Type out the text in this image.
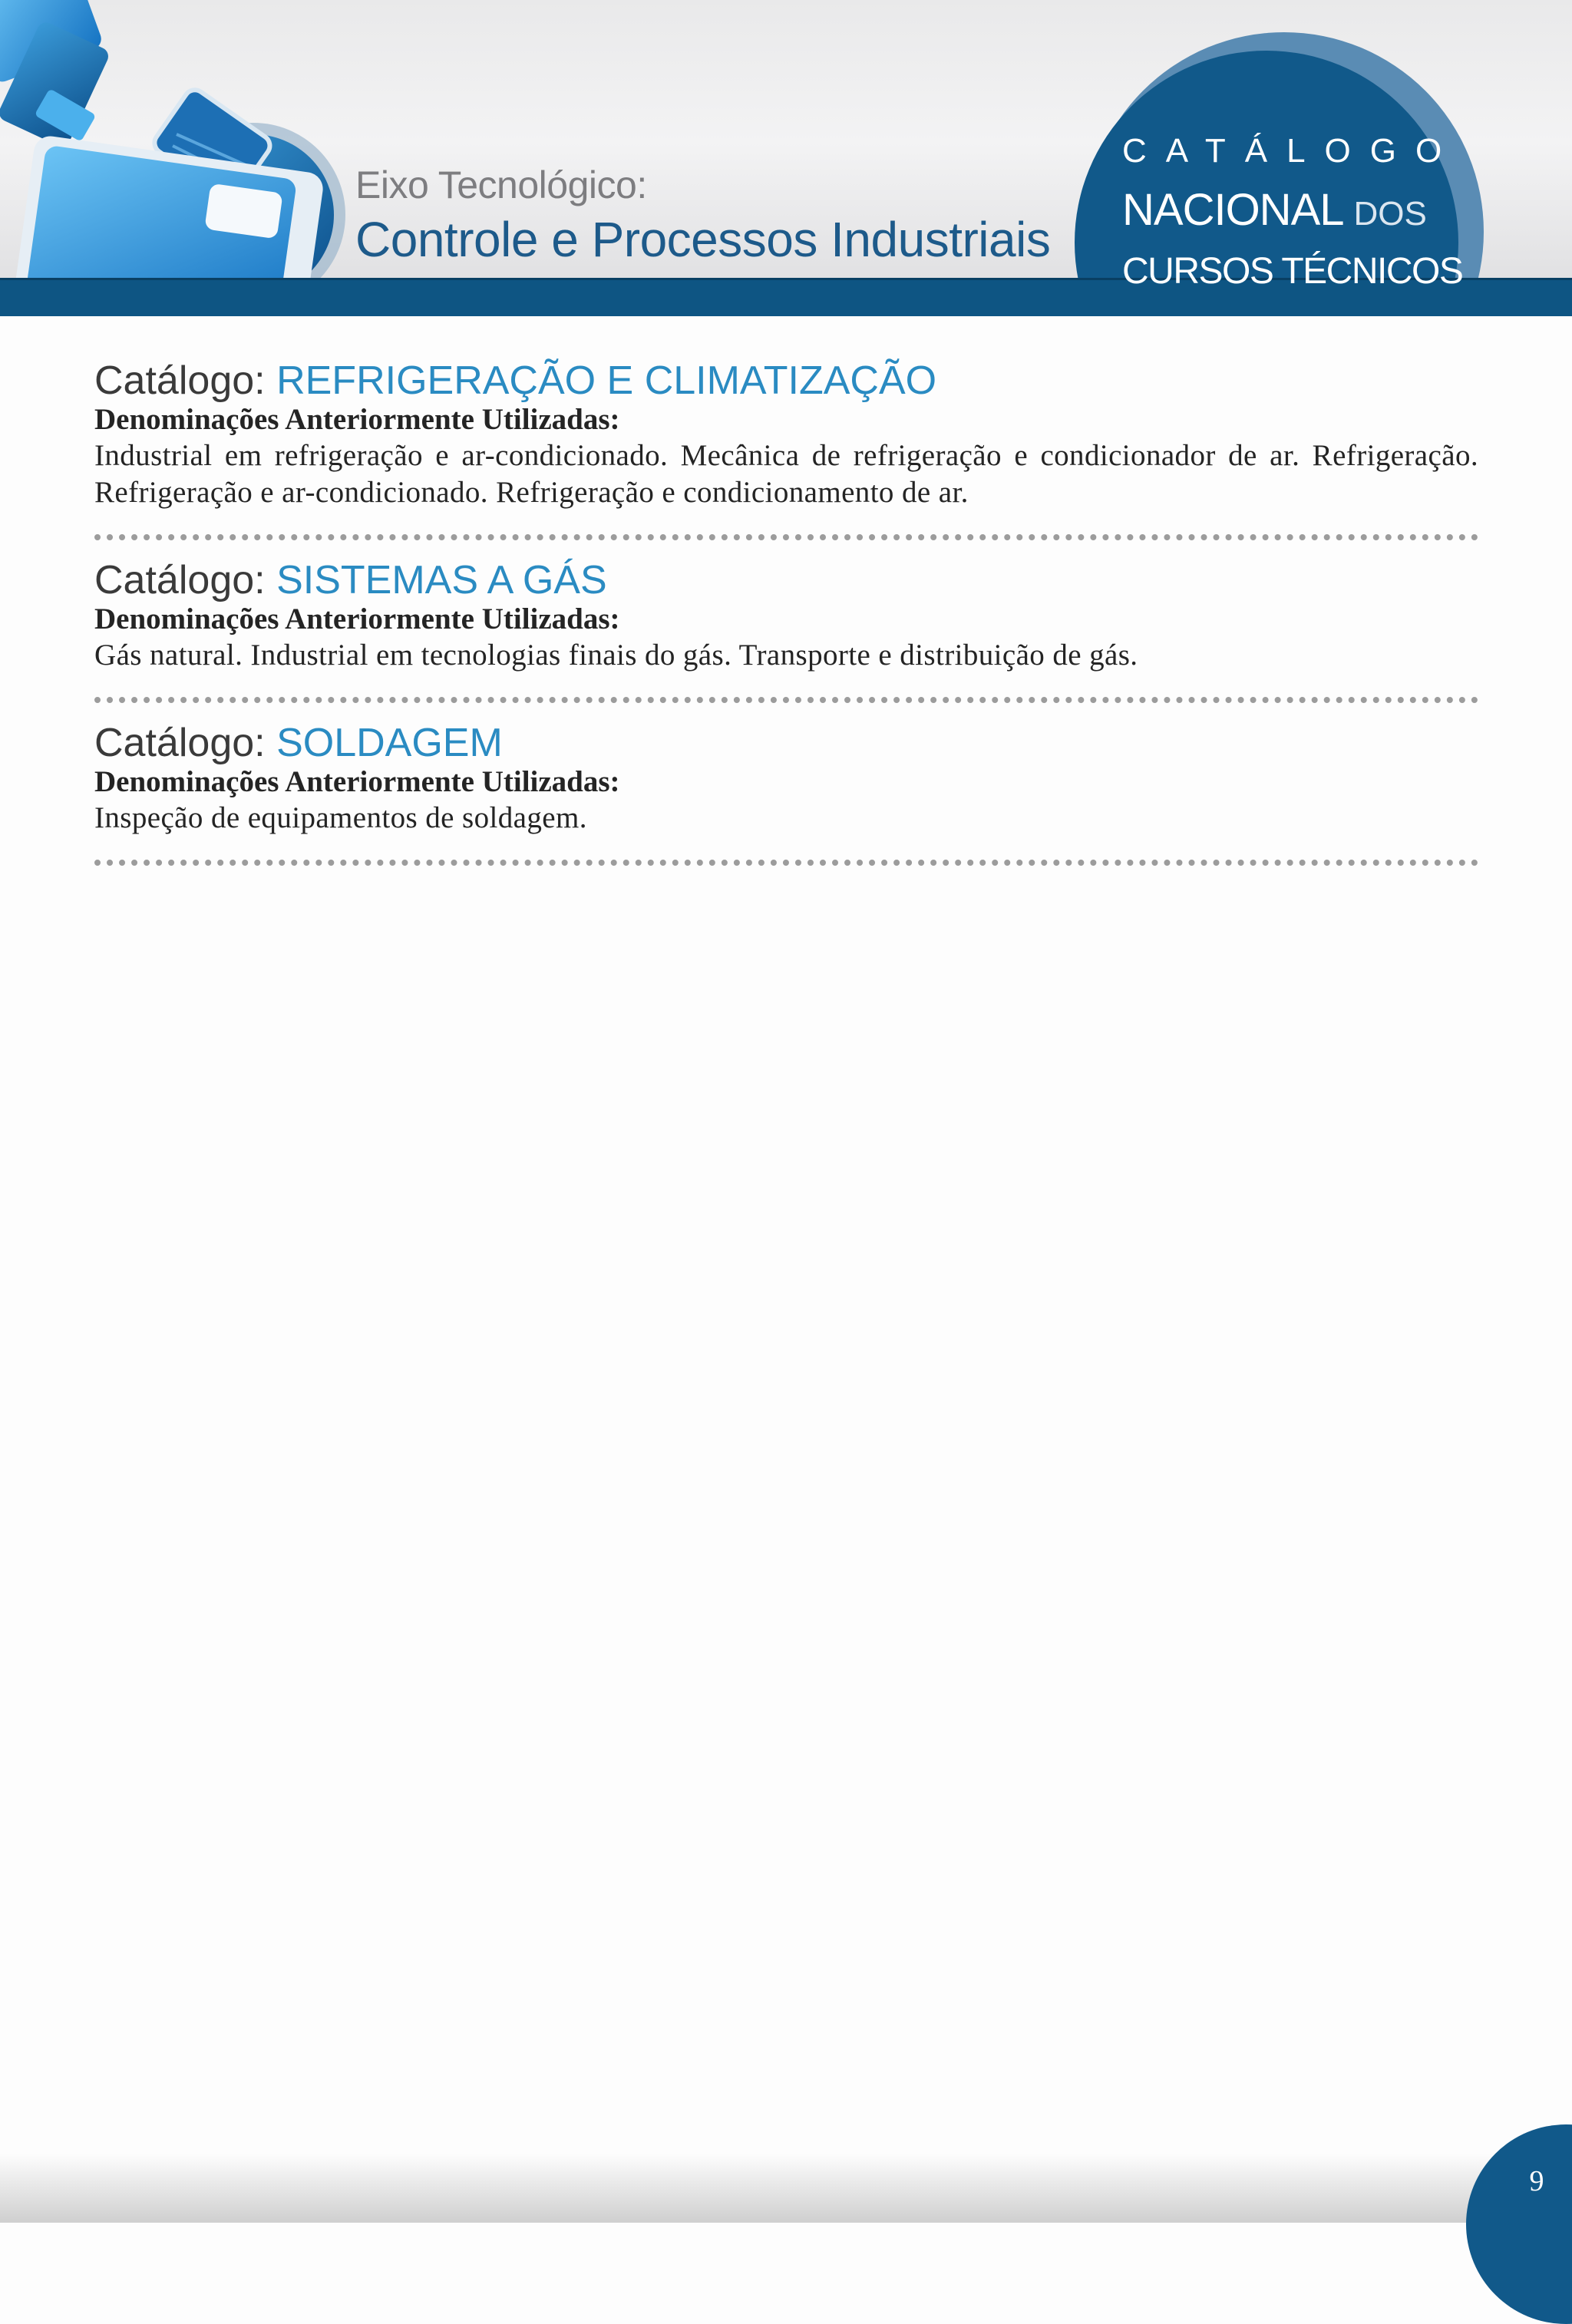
Eixo Tecnológico:
Controle e Processos Industriais
CATÁLOGO
NACIONAL DOS
CURSOS TÉCNICOS
Catálogo: REFRIGERAÇÃO E CLIMATIZAÇÃO
Denominações Anteriormente Utilizadas:
Industrial em refrigeração e ar-condicionado. Mecânica de refrigeração e condicionador de ar. Refrigeração. Refrigeração e ar-condicionado. Refrigeração e condicionamento de ar.
Catálogo: SISTEMAS A GÁS
Denominações Anteriormente Utilizadas:
Gás natural. Industrial em tecnologias finais do gás. Transporte e distribuição de gás.
Catálogo: SOLDAGEM
Denominações Anteriormente Utilizadas:
Inspeção de equipamentos de soldagem.
9
